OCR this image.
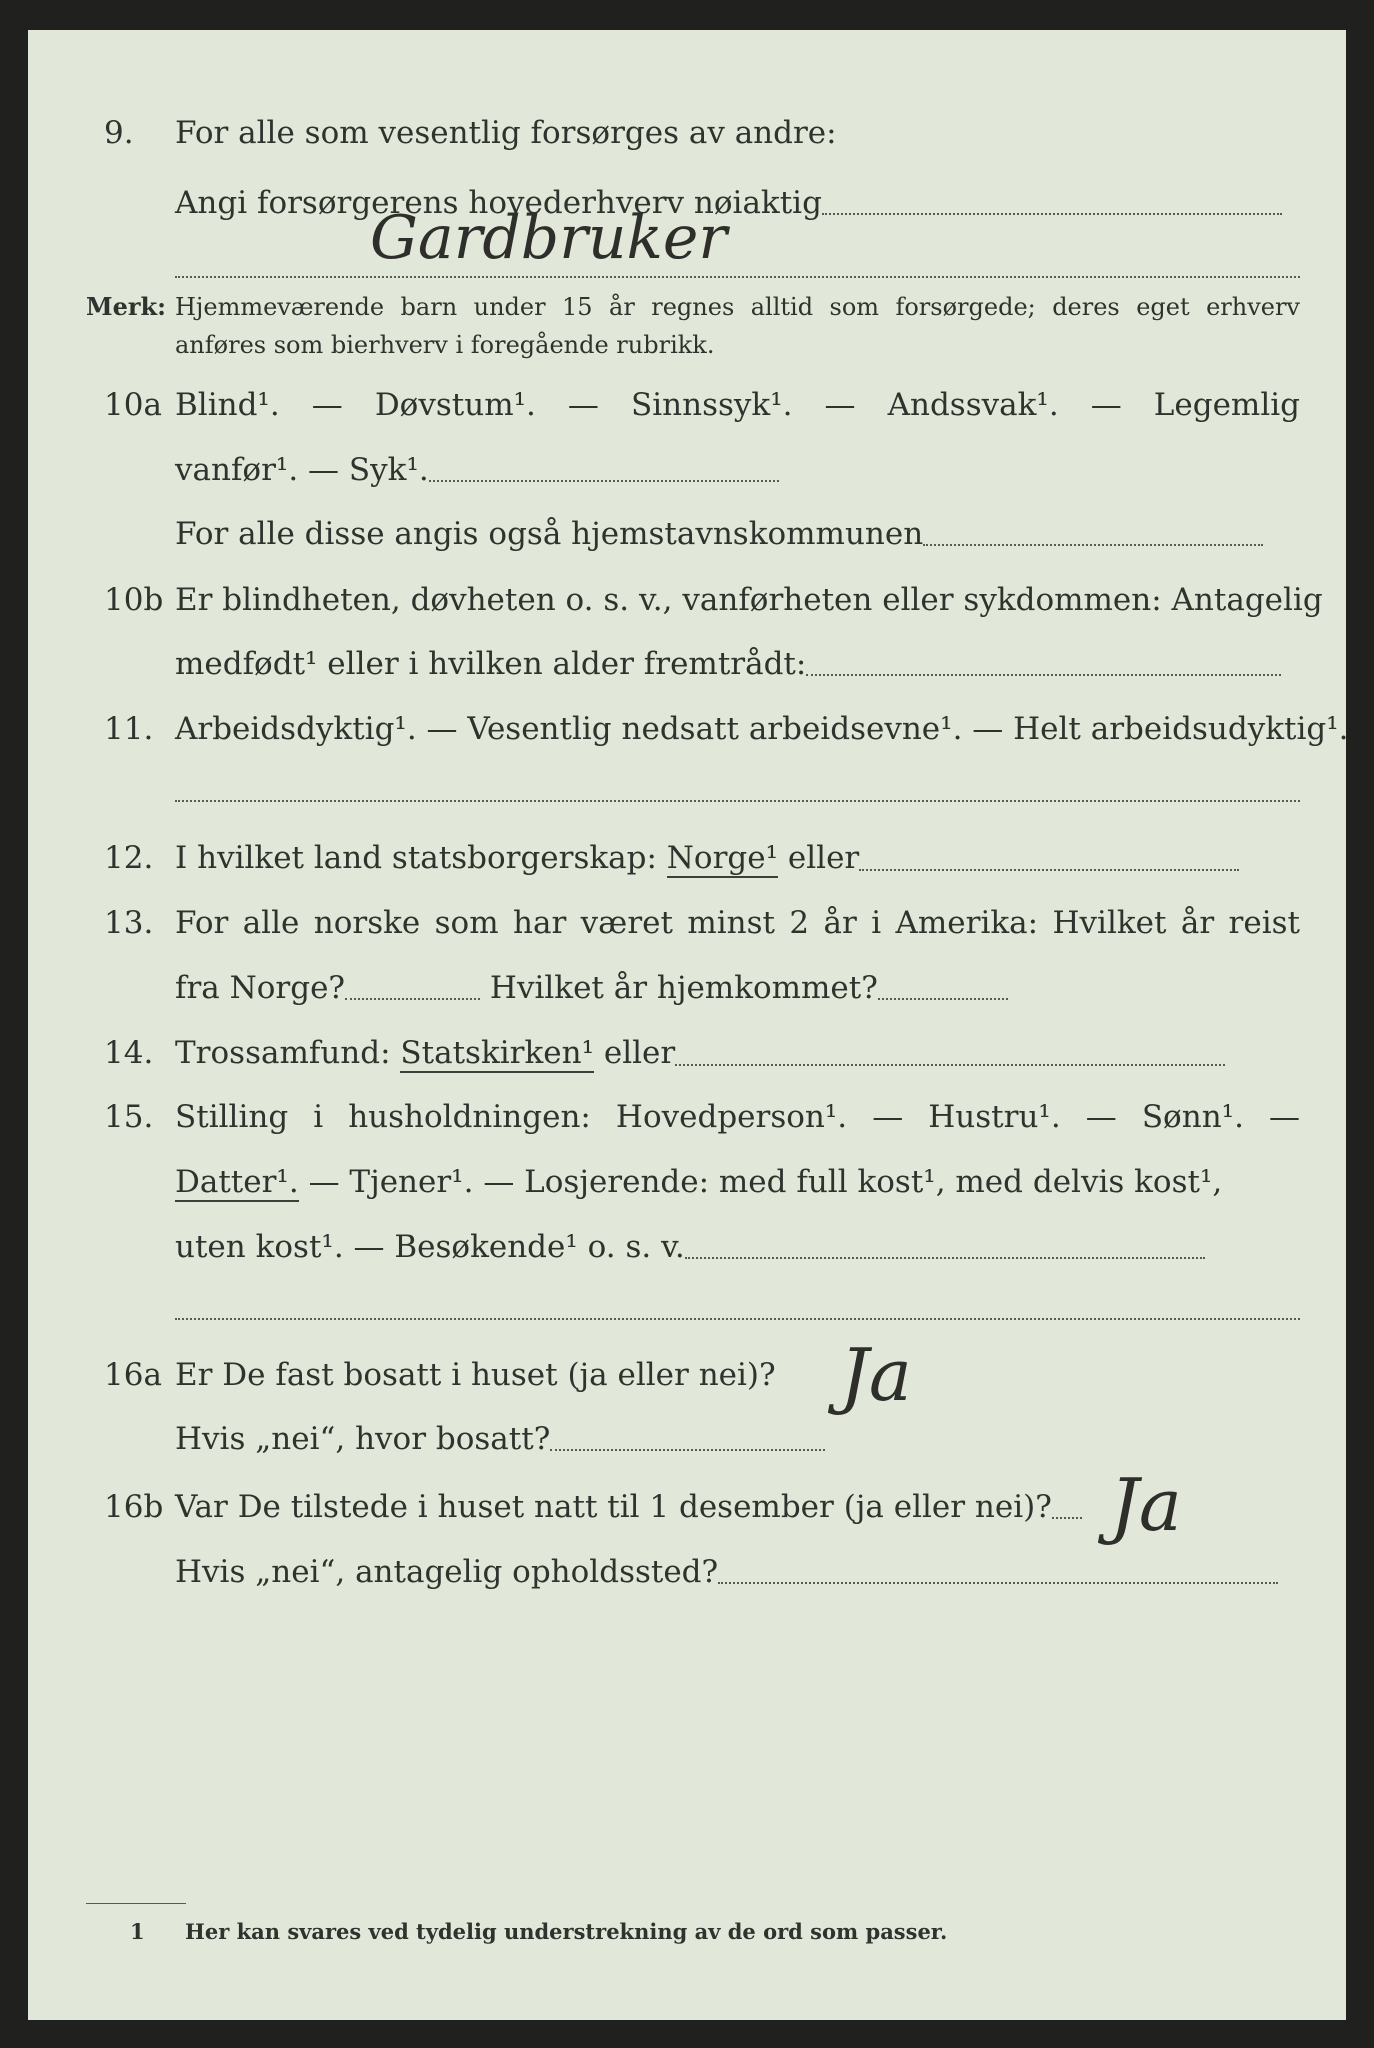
9. For alle som vesentlig forsørges av andre:
Angi forsørgerens hovederhverv nøiaktig
Gardbruker
Merk: Hjemmeværende barn under 15 år regnes alltid som forsørgede; deres eget erhverv
anføres som bierhverv i foregående rubrikk.
10a Blind¹. — Døvstum¹. — Sinnssyk¹. — Andssvak¹. — Legemlig
vanfør¹. — Syk¹.
For alle disse angis også hjemstavnskommunen
10b Er blindheten, døvheten o. s. v., vanførheten eller sykdommen: Antagelig
medfødt¹ eller i hvilken alder fremtrådt:
11. Arbeidsdyktig¹. — Vesentlig nedsatt arbeidsevne¹. — Helt arbeidsudyktig¹.
12. I hvilket land statsborgerskap: Norge¹ eller
13. For alle norske som har været minst 2 år i Amerika: Hvilket år reist
fra Norge?	Hvilket år hjemkommet?
14. Trossamfund: Statskirken¹ eller
15. Stilling i husholdningen: Hovedperson¹. — Hustru¹. — Sønn¹. —
Datter¹. — Tjener¹. — Losjerende: med full kost¹, med delvis kost¹,
uten kost¹. — Besøkende¹ o. s. v.
16a Er De fast bosatt i huset (ja eller nei)? Ja
Hvis „nei“, hvor bosatt?
16b Var De tilstede i huset natt til 1 desember (ja eller nei)? Ja
Hvis „nei“, antagelig opholdssted?
1 Her kan svares ved tydelig understrekning av de ord som passer.
